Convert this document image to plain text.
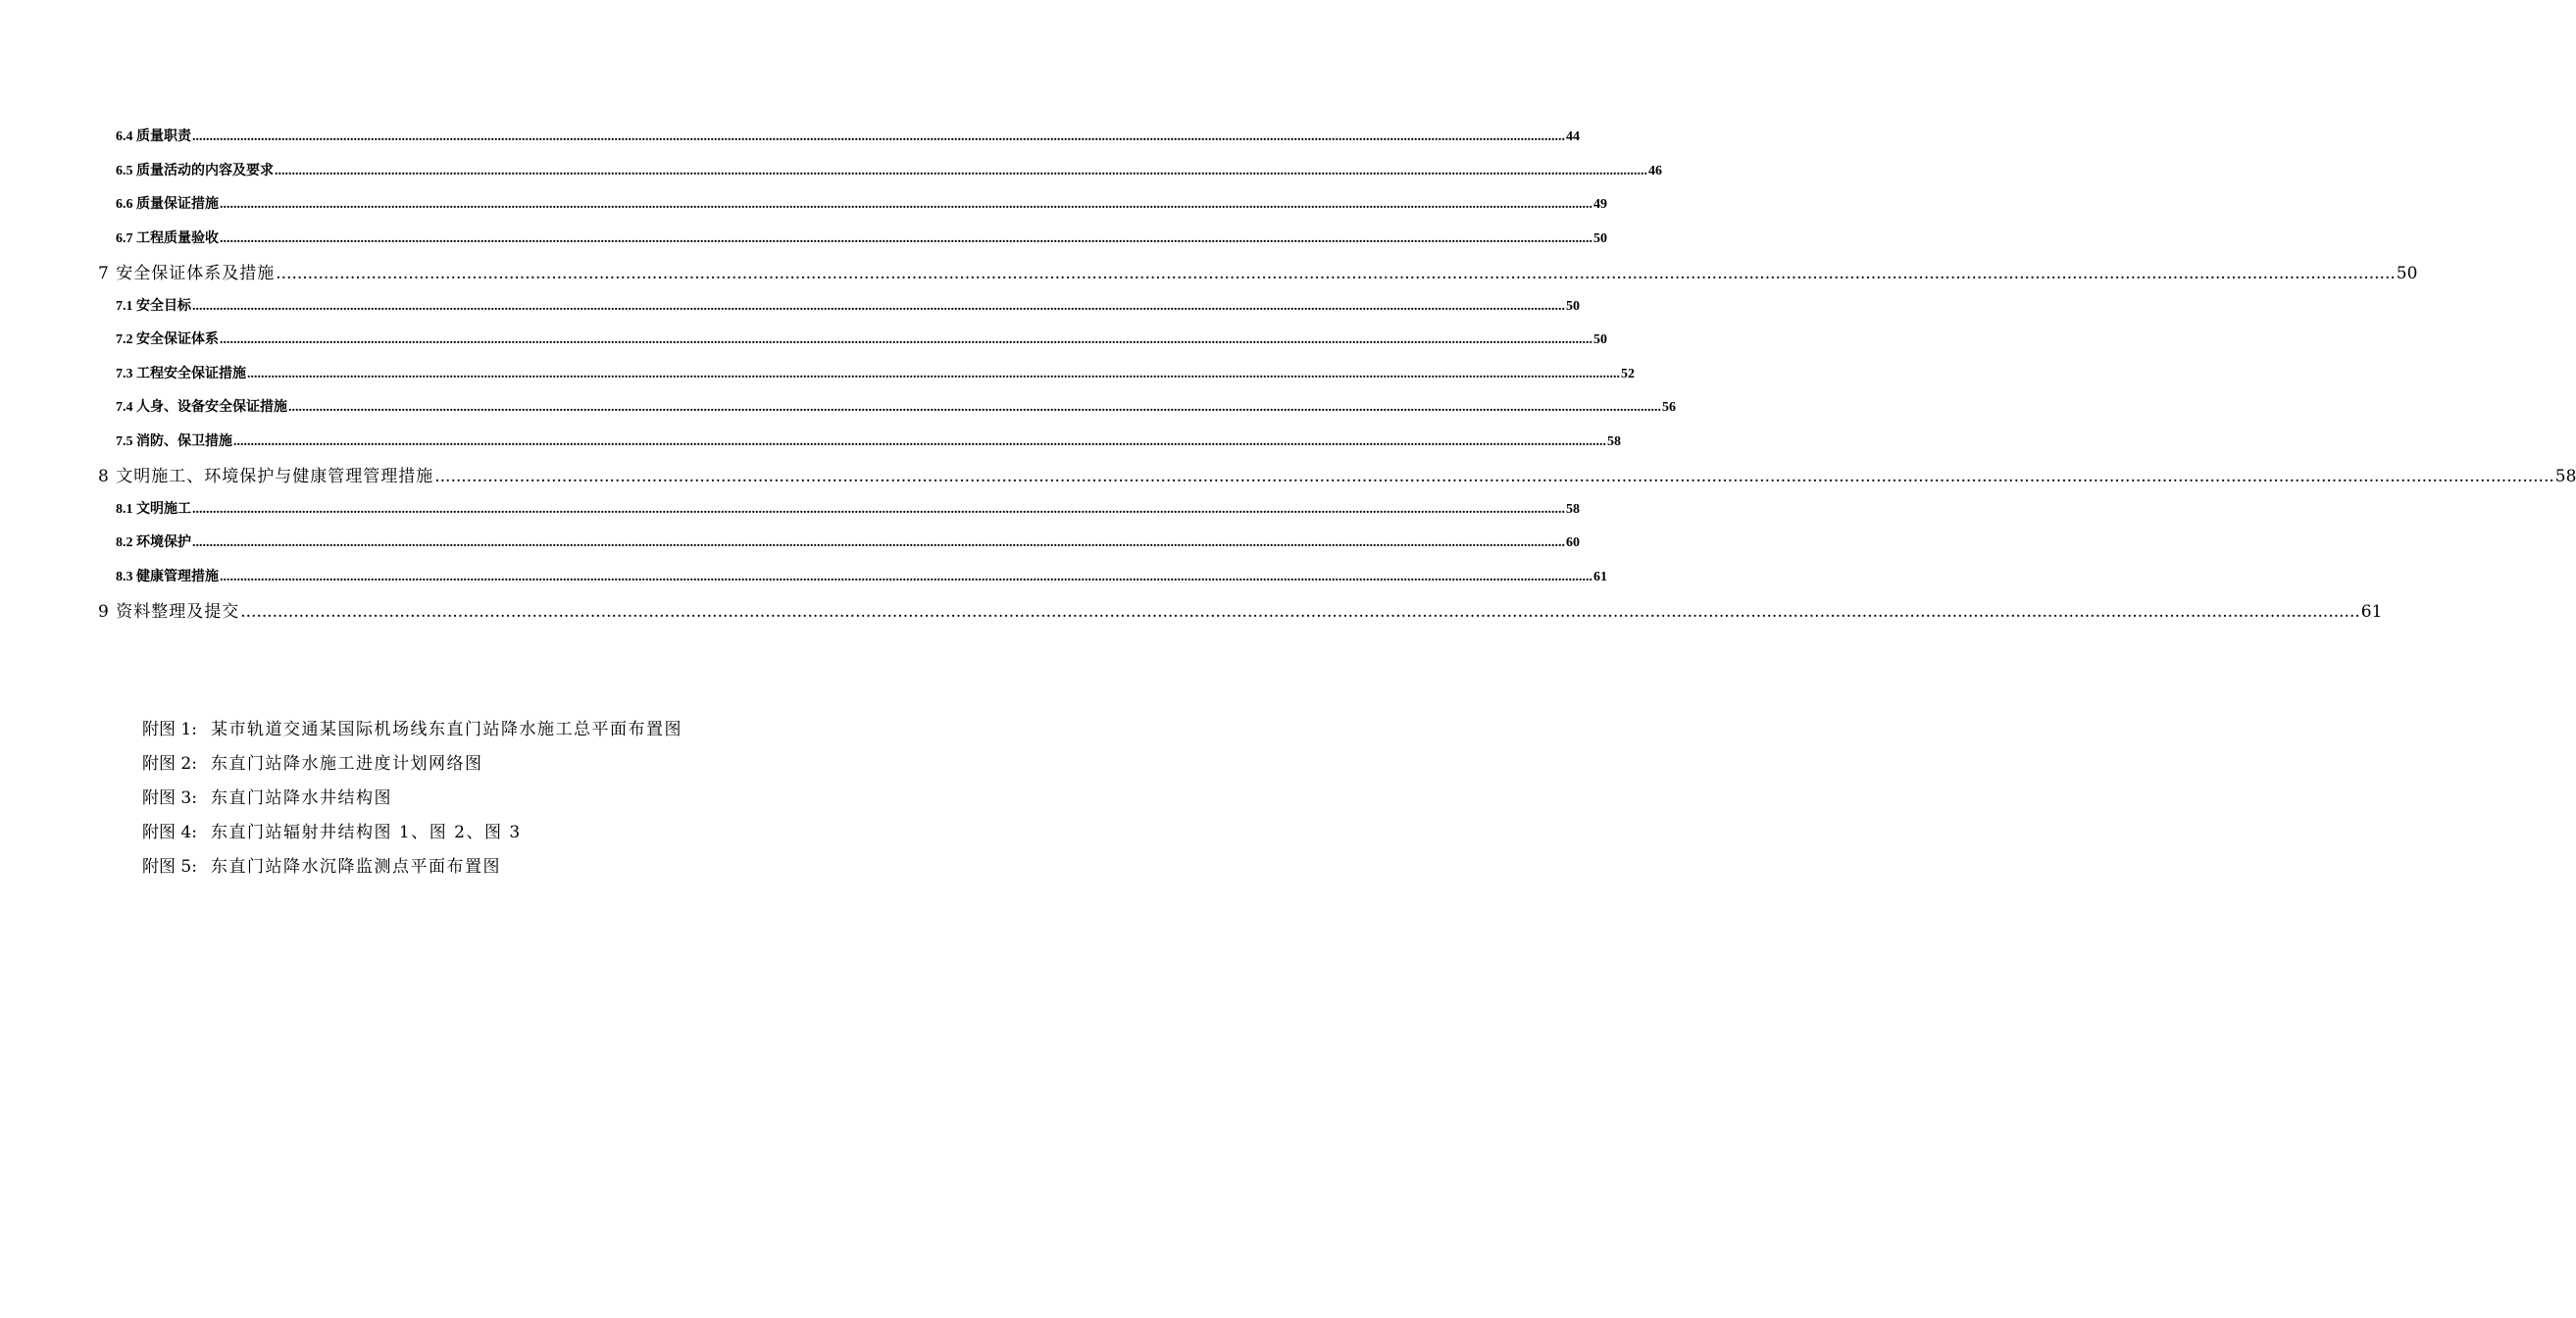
6.4 质量职责 ................................................................................................................................................................................................................................................................................................................................................................................................................ 44
6.5 质量活动的内容及要求 ................................................................................................................................................................................................................................................................................................................................................................................................................ 46
6.6 质量保证措施 ................................................................................................................................................................................................................................................................................................................................................................................................................ 49
6.7 工程质量验收 ................................................................................................................................................................................................................................................................................................................................................................................................................ 50
7 安全保证体系及措施 ................................................................................................................................................................................................................................................................................................................................................................................................................ 50
7.1 安全目标 ................................................................................................................................................................................................................................................................................................................................................................................................................ 50
7.2 安全保证体系 ................................................................................................................................................................................................................................................................................................................................................................................................................ 50
7.3 工程安全保证措施 ................................................................................................................................................................................................................................................................................................................................................................................................................ 52
7.4 人身、设备安全保证措施 ................................................................................................................................................................................................................................................................................................................................................................................................................ 56
7.5 消防、保卫措施 ................................................................................................................................................................................................................................................................................................................................................................................................................ 58
8 文明施工、环境保护与健康管理管理措施 ................................................................................................................................................................................................................................................................................................................................................................................................................ 58
8.1 文明施工 ................................................................................................................................................................................................................................................................................................................................................................................................................ 58
8.2 环境保护 ................................................................................................................................................................................................................................................................................................................................................................................................................ 60
8.3 健康管理措施 ................................................................................................................................................................................................................................................................................................................................................................................................................ 61
9 资料整理及提交 ................................................................................................................................................................................................................................................................................................................................................................................................................ 61
附图 1: 某市轨道交通某国际机场线东直门站降水施工总平面布置图
附图 2: 东直门站降水施工进度计划网络图
附图 3: 东直门站降水井结构图
附图 4: 东直门站辐射井结构图 1、图 2、图 3
附图 5: 东直门站降水沉降监测点平面布置图
